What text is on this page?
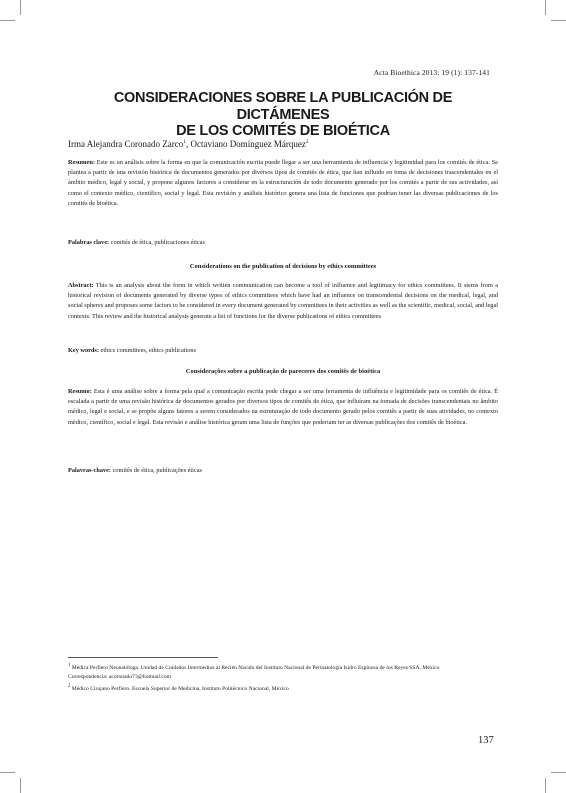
Acta Bioethica 2013; 19 (1): 137-141
CONSIDERACIONES SOBRE LA PUBLICACIÓN DE DICTÁMENES
DE LOS COMITÉS DE BIOÉTICA
Irma Alejandra Coronado Zarco$^1$, Octaviano Domínguez Márquez$^2$
Resumen: Este es un análisis sobre la forma en que la comunicación escrita puede llegar a ser una herramienta de influencia y legitimidad para los comités de ética. Se plantea a partir de una revisión histórica de documentos generados por diversos tipos de comités de ética, que han influido en toma de decisiones trascendentales en el ámbito médico, legal y social, y propone algunos factores a considerar en la estructuración de todo documento generado por los comités a partir de sus actividades, así como el contexto médico, científico, social y legal. Esta revisión y análisis histórico genera una lista de funciones que podrían tener las diversas publicaciones de los comités de bioética.
Palabras clave: comités de ética, publicaciones éticas
Considerations on the publication of decisions by ethics committees
Abstract: This is an analysis about the form in which written communication can become a tool of influence and legitimacy for ethics committees. It stems from a historical revision of documents generated by diverse types of ethics committees which have had an influence on transcendental decisions on the medical, legal, and social spheres and proposes some factors to be considered in every document generated by committees in their activities as well as the scientific, medical, social, and legal contexts. This review and the historical analysis generate a list of functions for the diverse publications of ethics committees
Key words: ethics committees, ethics publications
Considerações sobre a publicação de pareceres dos comitês de bioética
Resumo: Esta é uma análise sobre a forma pela qual a comunicação escrita pode chegar a ser uma ferramenta de influência e legitimidade para os comitês de ética. É escalada a partir de uma revisão histórica de documentos gerados por diversos tipos de comitês de ética, que influíram na tomada de decisões transcendentais no âmbito médico, legal e social, e se propõe alguns fatores a serem considerados na estruturação de todo documento gerado pelos comitês a partir de suas atividades, no contexto médico, científico, social e legal. Esta revisão e análise histórica geram uma lista de funções que poderiam ter as diversas publicações dos comitês de bioética.
Palavras-chave: comitês de ética, publicações éticas
$^1$ Médica Perfiero Neonatóloga. Unidad de Cuidados Intermedios al Recién Nacido del Instituto Nacional de Perinatología Isidro Espinosa de los Reyes SSA, México
Correspondencia: acoronado73@hotmail.com
$^2$ Médico Cirujano Perfiero. Escuela Superior de Medicina, Instituto Politécnico Nacional, México
137
